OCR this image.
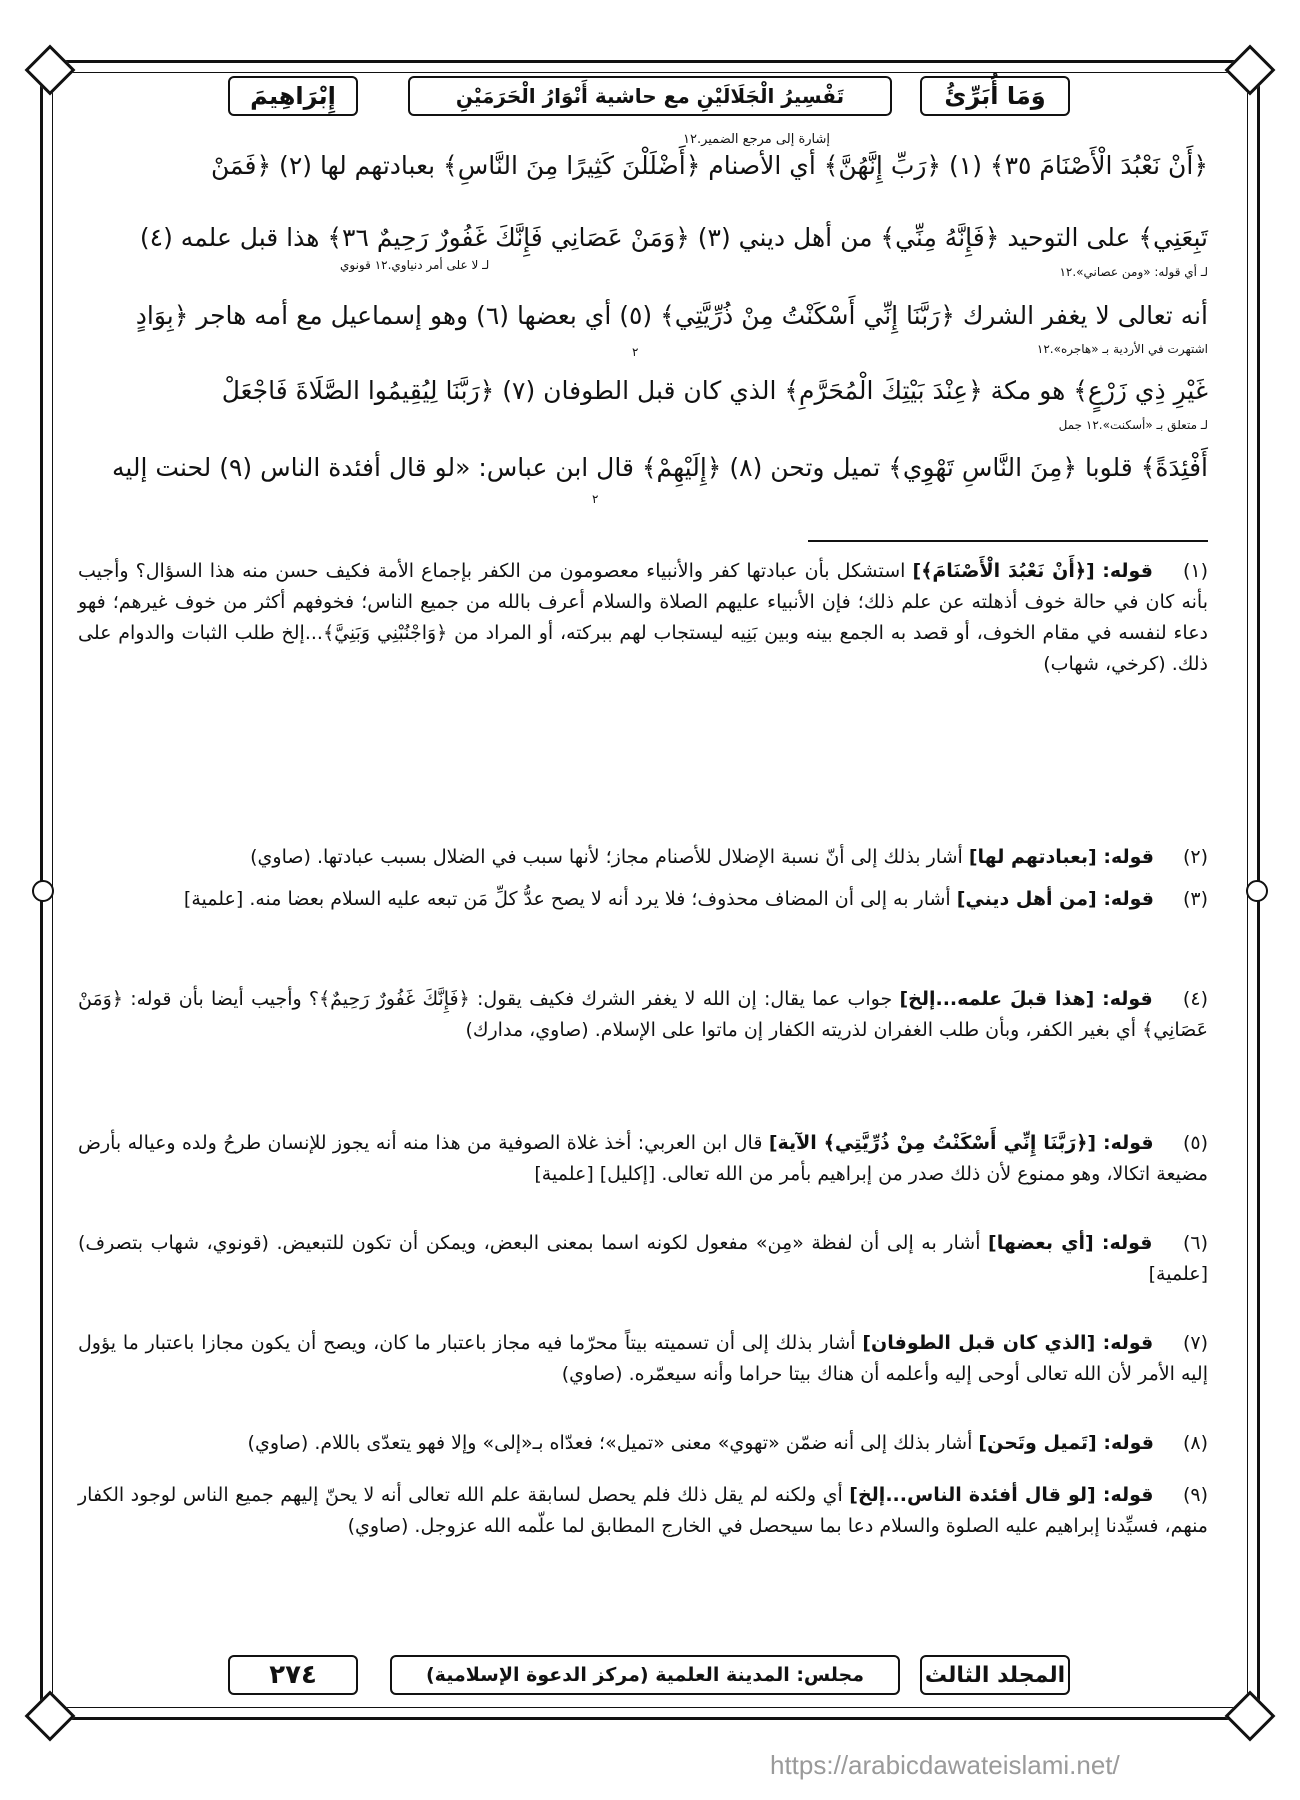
إِبْرَاهِيمَ	تَفْسِيرُ الْجَلَالَيْنِ مع حاشية أَنْوَارُ الْحَرَمَيْنِ	وَمَا أُبَرِّئُ
إشارة إلى مرجع الضمير.١٢
﴿أَنْ نَعْبُدَ الْأَصْنَامَ ٣٥﴾ (١) ﴿رَبِّ إِنَّهُنَّ﴾ أي الأصنام ﴿أَضْلَلْنَ كَثِيرًا مِنَ النَّاسِ﴾ بعبادتهم لها (٢) ﴿فَمَنْ
تَبِعَنِي﴾ على التوحيد ﴿فَإِنَّهُ مِنِّي﴾ من أهل ديني (٣) ﴿وَمَنْ عَصَانِي فَإِنَّكَ غَفُورٌ رَحِيمٌ ٣٦﴾ هذا قبل علمه (٤)
أنه تعالى لا يغفر الشرك ﴿رَبَّنَا إِنِّي أَسْكَنْتُ مِنْ ذُرِّيَّتِي﴾ (٥) أي بعضها (٦) وهو إسماعيل مع أمه هاجر ﴿بِوَادٍ
غَيْرِ ذِي زَرْعٍ﴾ هو مكة ﴿عِنْدَ بَيْتِكَ الْمُحَرَّمِ﴾ الذي كان قبل الطوفان (٧) ﴿رَبَّنَا لِيُقِيمُوا الصَّلَاةَ فَاجْعَلْ
أَفْئِدَةً﴾ قلوبا ﴿مِنَ النَّاسِ تَهْوِي﴾ تميل وتحن (٨) ﴿إِلَيْهِمْ﴾ قال ابن عباس: «لو قال أفئدة الناس (٩) لحنت إليه
لـ أي قوله: «ومن عصاني».١٢
لـ لا على أمر دنياوي.١٢ قونوي
اشتهرت في الأردية بـ «هاجره».١٢
لـ متعلق بـ «أسكنت».١٢ جمل
٢
٢
(١) قوله: [﴿أَنْ نَعْبُدَ الْأَصْنَامَ﴾] استشكل بأن عبادتها كفر والأنبياء معصومون من الكفر بإجماع الأمة فكيف حسن منه هذا السؤال؟ وأجيب بأنه كان في حالة خوف أذهلته عن علم ذلك؛ فإن الأنبياء عليهم الصلاة والسلام أعرف بالله من جميع الناس؛ فخوفهم أكثر من خوف غيرهم؛ فهو دعاء لنفسه في مقام الخوف، أو قصد به الجمع بينه وبين بَنِيه ليستجاب لهم ببركته، أو المراد من ﴿وَاجْنُبْنِي وَبَنِيَّ﴾...إلخ طلب الثبات والدوام على ذلك. (كرخي، شهاب)
(٢) قوله: [بعبادتهم لها] أشار بذلك إلى أنّ نسبة الإضلال للأصنام مجاز؛ لأنها سبب في الضلال بسبب عبادتها. (صاوي)
(٣) قوله: [من أهل ديني] أشار به إلى أن المضاف محذوف؛ فلا يرد أنه لا يصح عدُّ كلِّ مَن تبعه عليه السلام بعضا منه. [علمية]
(٤) قوله: [هذا قبلَ علمه...إلخ] جواب عما يقال: إن الله لا يغفر الشرك فكيف يقول: ﴿فَإِنَّكَ غَفُورٌ رَحِيمٌ﴾؟ وأجيب أيضا بأن قوله: ﴿وَمَنْ عَصَانِي﴾ أي بغير الكفر، وبأن طلب الغفران لذريته الكفار إن ماتوا على الإسلام. (صاوي، مدارك)
(٥) قوله: [﴿رَبَّنَا إِنِّي أَسْكَنْتُ مِنْ ذُرِّيَّتِي﴾ الآية] قال ابن العربي: أخذ غلاة الصوفية من هذا منه أنه يجوز للإنسان طرحُ ولده وعياله بأرض مضيعة اتكالا، وهو ممنوع لأن ذلك صدر من إبراهيم بأمر من الله تعالى. [إكليل] [علمية]
(٦) قوله: [أي بعضها] أشار به إلى أن لفظة «مِن» مفعول لكونه اسما بمعنى البعض، ويمكن أن تكون للتبعيض. (قونوي، شهاب بتصرف) [علمية]
(٧) قوله: [الذي كان قبل الطوفان] أشار بذلك إلى أن تسميته بيتاً محرّما فيه مجاز باعتبار ما كان، ويصح أن يكون مجازا باعتبار ما يؤول إليه الأمر لأن الله تعالى أوحى إليه وأعلمه أن هناك بيتا حراما وأنه سيعمّره. (صاوي)
(٨) قوله: [تَميل وتَحن] أشار بذلك إلى أنه ضمّن «تهوي» معنى «تميل»؛ فعدّاه بـ«إلى» وإلا فهو يتعدّى باللام. (صاوي)
(٩) قوله: [لو قال أفئدة الناس...إلخ] أي ولكنه لم يقل ذلك فلم يحصل لسابقة علم الله تعالى أنه لا يحنّ إليهم جميع الناس لوجود الكفار منهم، فسيِّدنا إبراهيم عليه الصلوة والسلام دعا بما سيحصل في الخارج المطابق لما علّمه الله عزوجل. (صاوي)
٢٧٤	مجلس: المدينة العلمية (مركز الدعوة الإسلامية)	المجلد الثالث
https://arabicdawateislami.net/
